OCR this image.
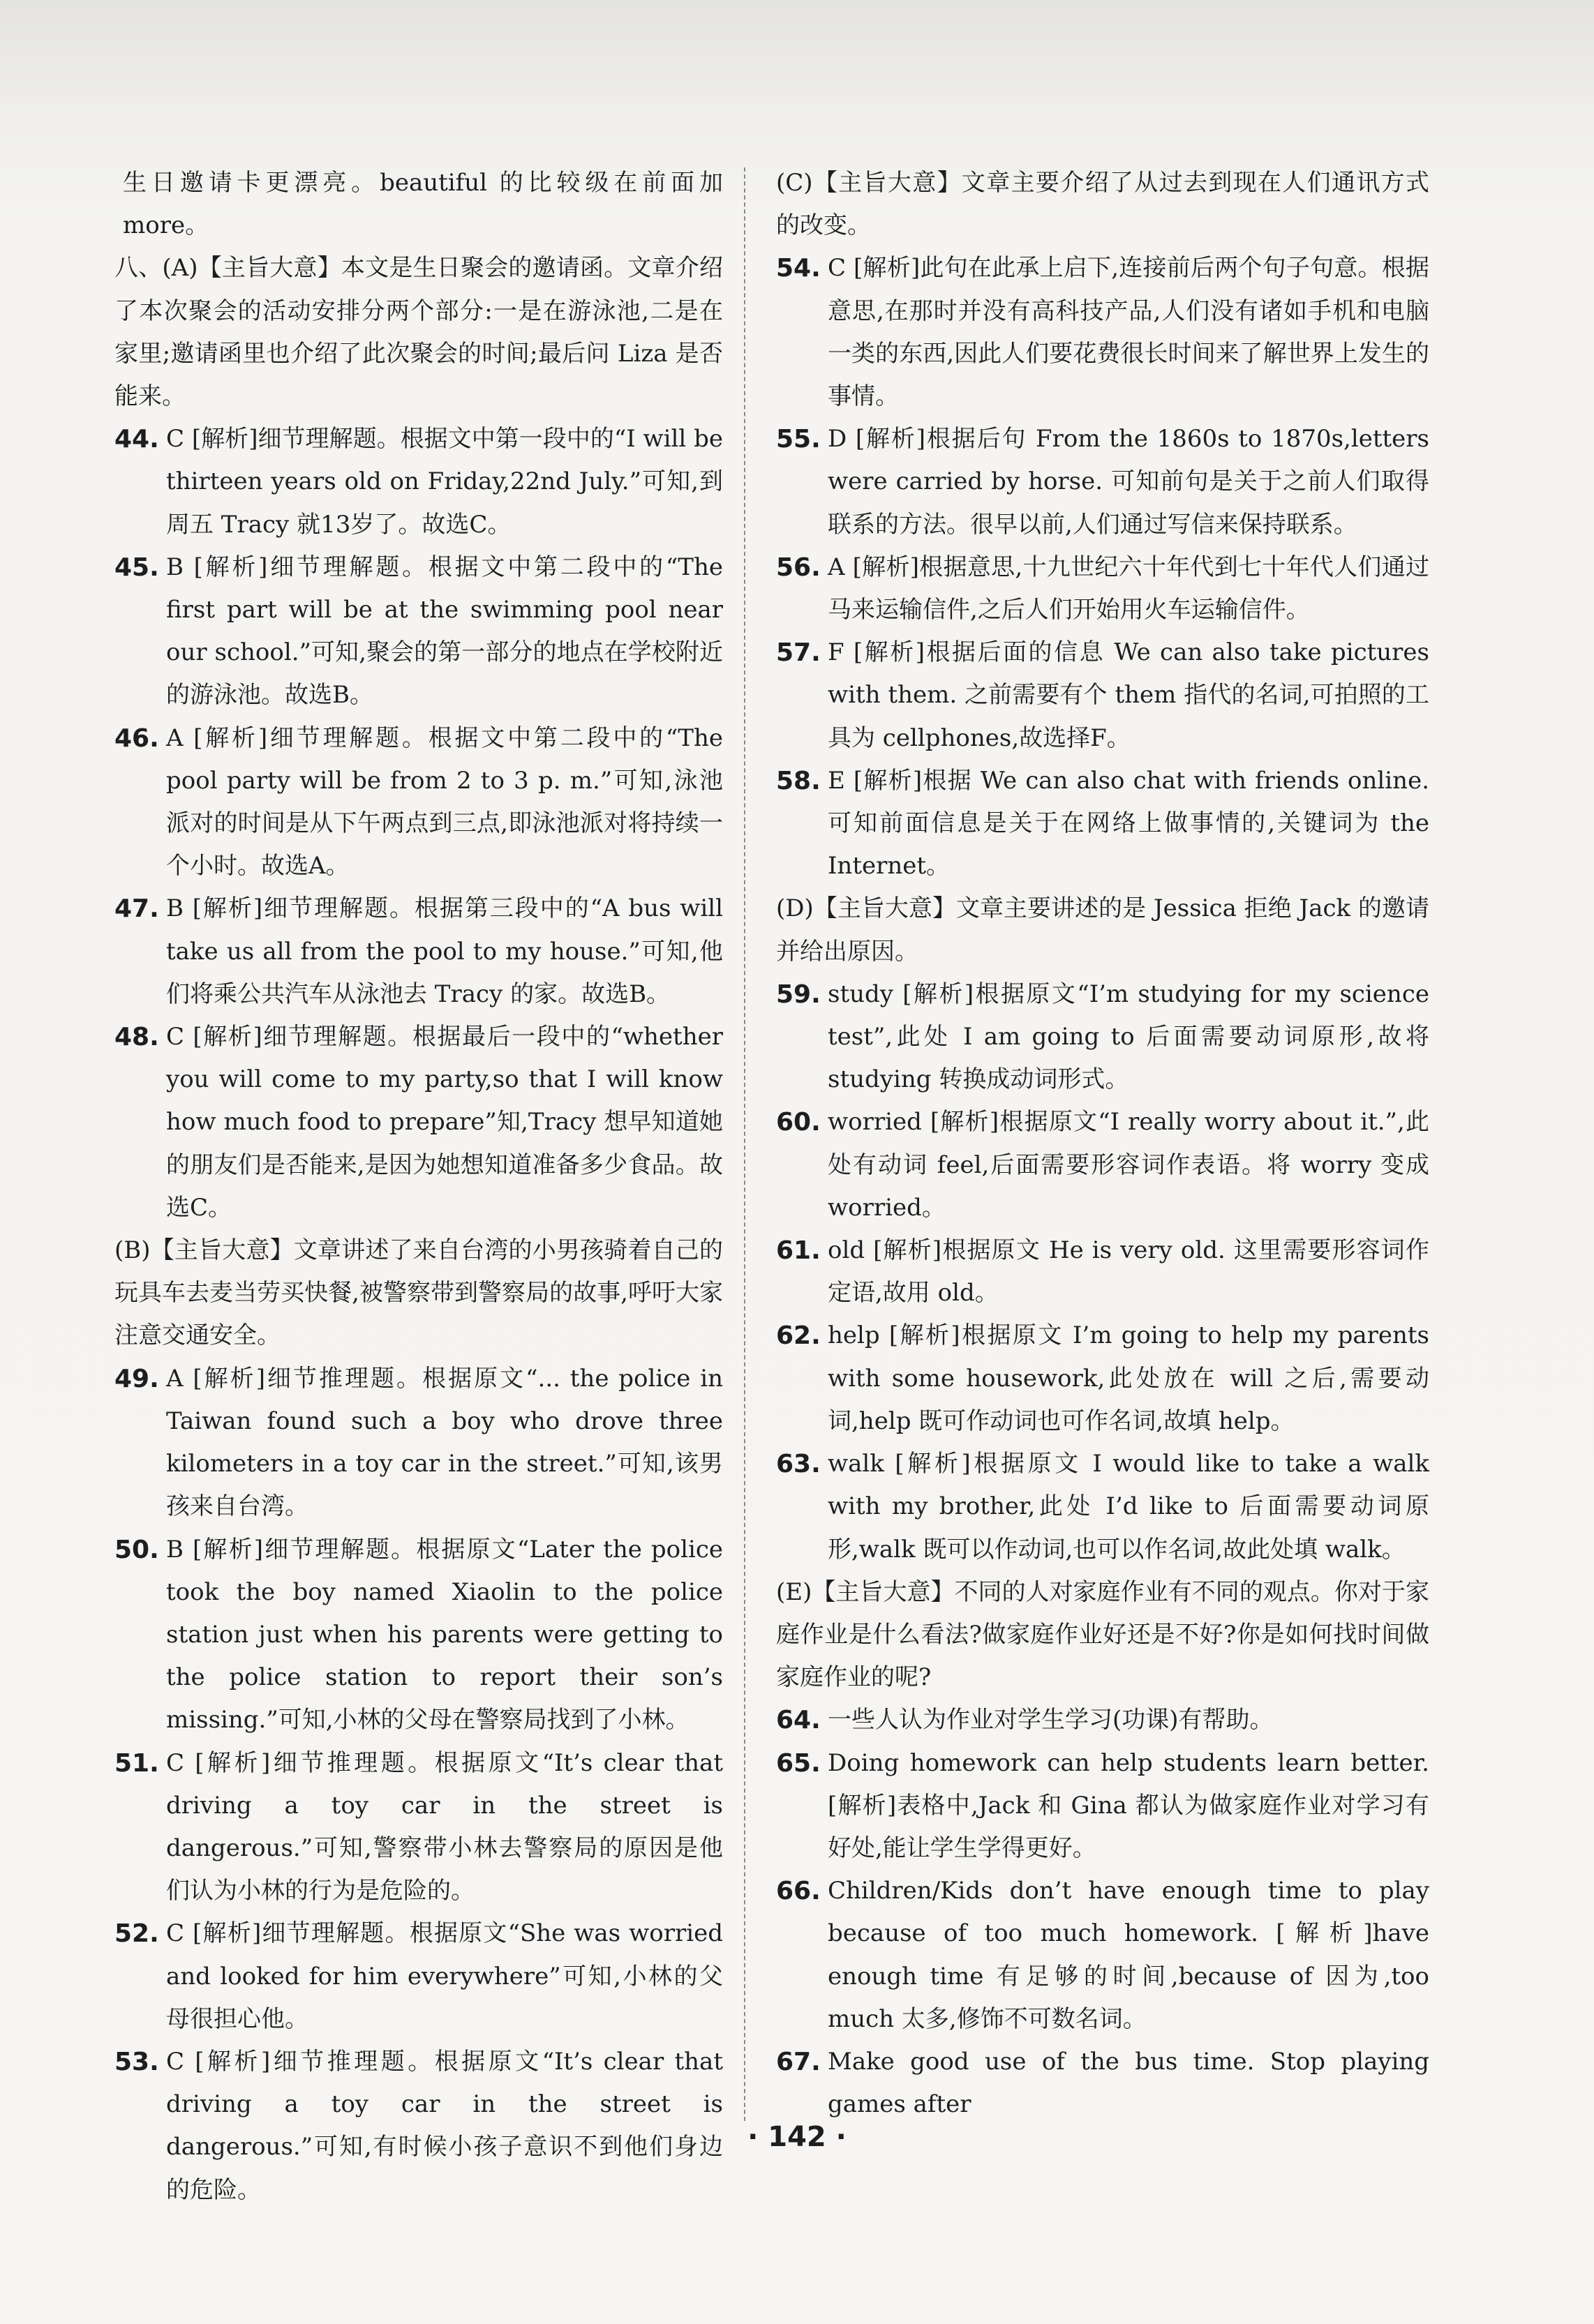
生日邀请卡更漂亮。beautiful 的比较级在前面加more。
八、(A)【主旨大意】本文是生日聚会的邀请函。文章介绍了本次聚会的活动安排分两个部分:一是在游泳池,二是在家里;邀请函里也介绍了此次聚会的时间;最后问 Liza 是否能来。
44. C [解析]细节理解题。根据文中第一段中的“I will be thirteen years old on Friday,22nd July.”可知,到周五 Tracy 就13岁了。故选C。
45. B [解析]细节理解题。根据文中第二段中的“The first part will be at the swimming pool near our school.”可知,聚会的第一部分的地点在学校附近的游泳池。故选B。
46. A [解析]细节理解题。根据文中第二段中的“The pool party will be from 2 to 3 p. m.”可知,泳池派对的时间是从下午两点到三点,即泳池派对将持续一个小时。故选A。
47. B [解析]细节理解题。根据第三段中的“A bus will take us all from the pool to my house.”可知,他们将乘公共汽车从泳池去 Tracy 的家。故选B。
48. C [解析]细节理解题。根据最后一段中的“whether you will come to my party,so that I will know how much food to prepare”知,Tracy 想早知道她的朋友们是否能来,是因为她想知道准备多少食品。故选C。
(B)【主旨大意】文章讲述了来自台湾的小男孩骑着自己的玩具车去麦当劳买快餐,被警察带到警察局的故事,呼吁大家注意交通安全。
49. A [解析]细节推理题。根据原文“... the police in Taiwan found such a boy who drove three kilometers in a toy car in the street.”可知,该男孩来自台湾。
50. B [解析]细节理解题。根据原文“Later the police took the boy named Xiaolin to the police station just when his parents were getting to the police station to report their son’s missing.”可知,小林的父母在警察局找到了小林。
51. C [解析]细节推理题。根据原文“It’s clear that driving a toy car in the street is dangerous.”可知,警察带小林去警察局的原因是他们认为小林的行为是危险的。
52. C [解析]细节理解题。根据原文“She was worried and looked for him everywhere”可知,小林的父母很担心他。
53. C [解析]细节推理题。根据原文“It’s clear that driving a toy car in the street is dangerous.”可知,有时候小孩子意识不到他们身边的危险。
(C)【主旨大意】文章主要介绍了从过去到现在人们通讯方式的改变。
54. C [解析]此句在此承上启下,连接前后两个句子句意。根据意思,在那时并没有高科技产品,人们没有诸如手机和电脑一类的东西,因此人们要花费很长时间来了解世界上发生的事情。
55. D [解析]根据后句 From the 1860s to 1870s,letters were carried by horse. 可知前句是关于之前人们取得联系的方法。很早以前,人们通过写信来保持联系。
56. A [解析]根据意思,十九世纪六十年代到七十年代人们通过马来运输信件,之后人们开始用火车运输信件。
57. F [解析]根据后面的信息 We can also take pictures with them. 之前需要有个 them 指代的名词,可拍照的工具为 cellphones,故选择F。
58. E [解析]根据 We can also chat with friends online. 可知前面信息是关于在网络上做事情的,关键词为 the Internet。
(D)【主旨大意】文章主要讲述的是 Jessica 拒绝 Jack 的邀请并给出原因。
59. study [解析]根据原文“I’m studying for my science test”,此处 I am going to 后面需要动词原形,故将 studying 转换成动词形式。
60. worried [解析]根据原文“I really worry about it.”,此处有动词 feel,后面需要形容词作表语。将 worry 变成 worried。
61. old [解析]根据原文 He is very old. 这里需要形容词作定语,故用 old。
62. help [解析]根据原文 I’m going to help my parents with some housework,此处放在 will 之后,需要动词,help 既可作动词也可作名词,故填 help。
63. walk [解析]根据原文 I would like to take a walk with my brother,此处 I’d like to 后面需要动词原形,walk 既可以作动词,也可以作名词,故此处填 walk。
(E)【主旨大意】不同的人对家庭作业有不同的观点。你对于家庭作业是什么看法?做家庭作业好还是不好?你是如何找时间做家庭作业的呢?
64. 一些人认为作业对学生学习(功课)有帮助。
65. Doing homework can help students learn better. [解析]表格中,Jack 和 Gina 都认为做家庭作业对学习有好处,能让学生学得更好。
66. Children/Kids don’t have enough time to play because of too much homework. [解析]have enough time 有足够的时间,because of 因为,too much 太多,修饰不可数名词。
67. Make good use of the bus time. Stop playing games after
· 142 ·
